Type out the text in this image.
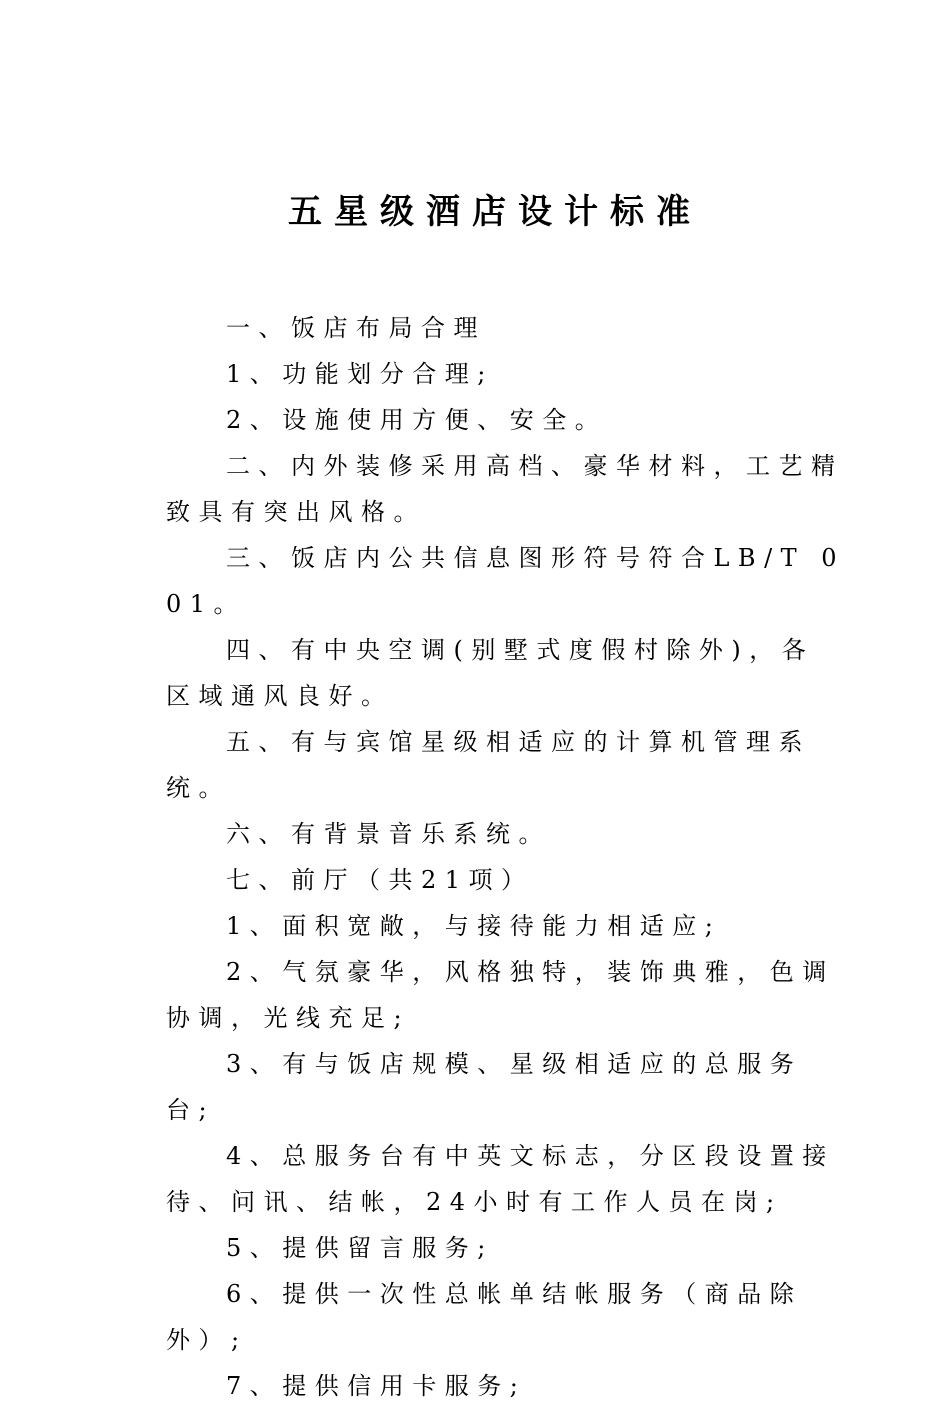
五星级酒店设计标准

一、饭店布局合理

1、功能划分合理;

2、设施使用方便、安全。

二、内外装修采用高档、豪华材料，工艺精致具有突出风格。

三、饭店内公共信息图形符号符合LB/T 001。

四、有中央空调(别墅式度假村除外)，各区域通风良好。

五、有与宾馆星级相适应的计算机管理系统。

六、有背景音乐系统。

七、前厅（共21项）

1、面积宽敞，与接待能力相适应;

2、气氛豪华，风格独特，装饰典雅，色调协调，光线充足;

3、有与饭店规模、星级相适应的总服务台;

4、总服务台有中英文标志，分区段设置接待、问讯、结帐，24小时有工作人员在岗;

5、提供留言服务;

6、提供一次性总帐单结帐服务（商品除外）;

7、提供信用卡服务;
